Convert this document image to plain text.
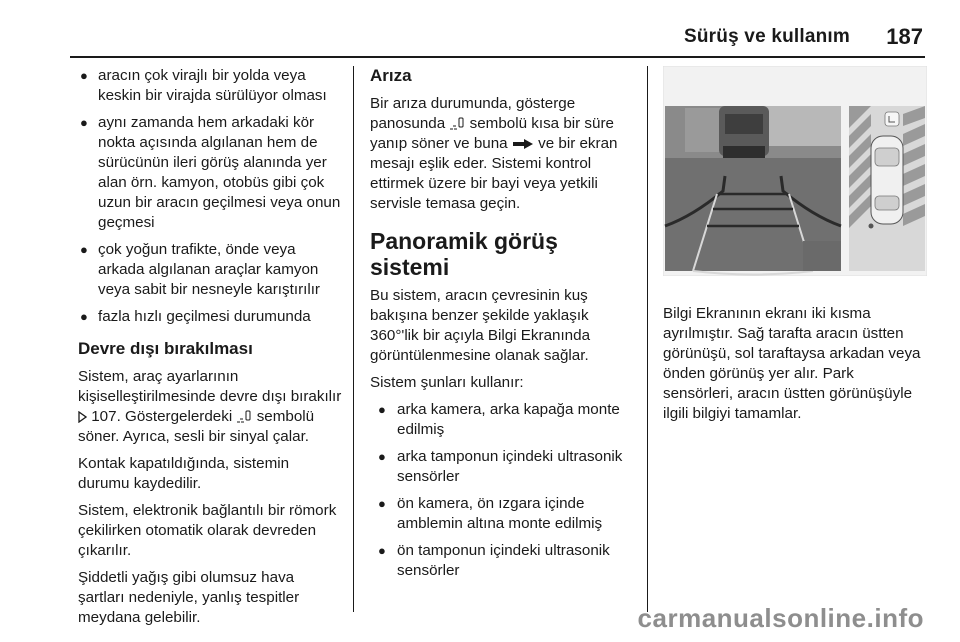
Sürüş ve kullanım 187
● aracın çok virajlı bir yolda veya keskin bir virajda sürülüyor olması
● aynı zamanda hem arkadaki kör nokta açısında algılanan hem de sürücünün ileri görüş alanında yer alan örn. kamyon, otobüs gibi çok uzun bir aracın geçilmesi veya onun geçmesi
● çok yoğun trafikte, önde veya arkada algılanan araçlar kamyon veya sabit bir nesneyle karıştırılır
● fazla hızlı geçilmesi durumunda
Devre dışı bırakılması

Sistem, araç ayarlarının kişiselleştirilmesinde devre dışı bırakılır  107. Göstergelerdeki sembolü söner. Ayrıca, sesli bir sinyal çalar.

Kontak kapatıldığında, sistemin durumu kaydedilir.

Sistem, elektronik bağlantılı bir römork çekilirken otomatik olarak devreden çıkarılır.

Şiddetli yağış gibi olumsuz hava şartları nedeniyle, yanlış tespitler meydana gelebilir.

Arıza

Bir arıza durumunda, gösterge panosunda sembolü kısa bir süre yanıp söner ve buna ve bir ekran mesajı eşlik eder. Sistemi kontrol ettirmek üzere bir bayi veya yetkili servisle temasa geçin.

Panoramik görüş sistemi

Bu sistem, aracın çevresinin kuş bakışına benzer şekilde yaklaşık 360°'lik bir açıyla Bilgi Ekranında görüntülenmesine olanak sağlar.

Sistem şunları kullanır:

● arka kamera, arka kapağa monte edilmiş
● arka tamponun içindeki ultrasonik sensörler
● ön kamera, ön ızgara içinde amblemin altına monte edilmiş
● ön tamponun içindeki ultrasonik sensörler

Bilgi Ekranının ekranı iki kısma ayrılmıştır. Sağ tarafta aracın üstten görünüşü, sol taraftaysa arkadan veya önden görünüş yer alır. Park sensörleri, aracın üstten görünüşüyle ilgili bilgiyi tamamlar.

carmanualsonline.info
